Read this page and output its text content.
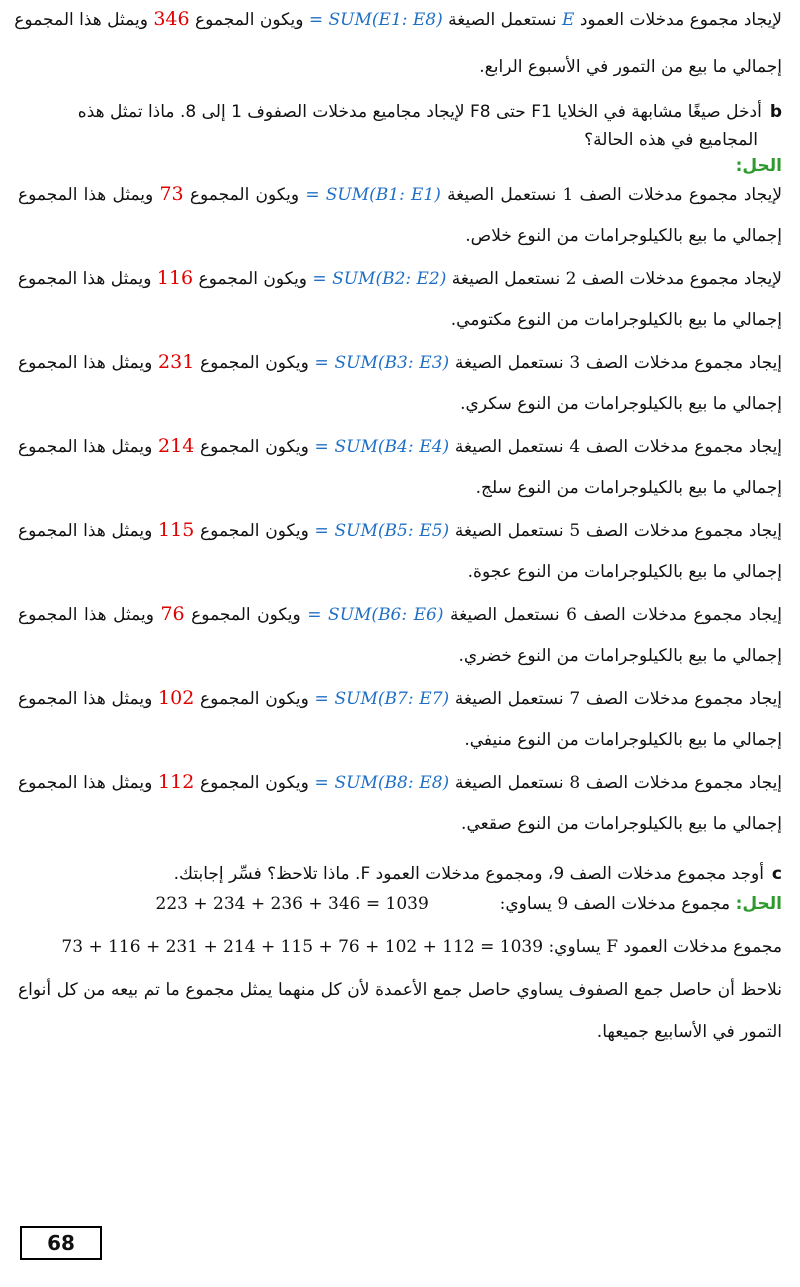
لإيجاد مجموع مدخلات العمود E نستعمل الصيغة = SUM(E1: E8) ويكون المجموع 346 ويمثل هذا المجموع
إجمالي ما بيع من التمور في الأسبوع الرابع.
bأدخل صيغًا مشابهة في الخلايا F1 حتى F8 لإيجاد مجاميع مدخلات الصفوف 1 إلى 8. ماذا تمثل هذه
المجاميع في هذه الحالة؟
الحل:
لإيجاد مجموع مدخلات الصف 1 نستعمل الصيغة = SUM(B1: E1) ويكون المجموع 73 ويمثل هذا المجموع
إجمالي ما بيع بالكيلوجرامات من النوع خلاص.
لإيجاد مجموع مدخلات الصف 2 نستعمل الصيغة = SUM(B2: E2) ويكون المجموع 116 ويمثل هذا المجموع
إجمالي ما بيع بالكيلوجرامات من النوع مكتومي.
إيجاد مجموع مدخلات الصف 3 نستعمل الصيغة = SUM(B3: E3) ويكون المجموع 231 ويمثل هذا المجموع
إجمالي ما بيع بالكيلوجرامات من النوع سكري.
إيجاد مجموع مدخلات الصف 4 نستعمل الصيغة = SUM(B4: E4) ويكون المجموع 214 ويمثل هذا المجموع
إجمالي ما بيع بالكيلوجرامات من النوع سلج.
إيجاد مجموع مدخلات الصف 5 نستعمل الصيغة = SUM(B5: E5) ويكون المجموع 115 ويمثل هذا المجموع
إجمالي ما بيع بالكيلوجرامات من النوع عجوة.
إيجاد مجموع مدخلات الصف 6 نستعمل الصيغة = SUM(B6: E6) ويكون المجموع 76 ويمثل هذا المجموع
إجمالي ما بيع بالكيلوجرامات من النوع خضري.
إيجاد مجموع مدخلات الصف 7 نستعمل الصيغة = SUM(B7: E7) ويكون المجموع 102 ويمثل هذا المجموع
إجمالي ما بيع بالكيلوجرامات من النوع منيفي.
إيجاد مجموع مدخلات الصف 8 نستعمل الصيغة = SUM(B8: E8) ويكون المجموع 112 ويمثل هذا المجموع
إجمالي ما بيع بالكيلوجرامات من النوع صقعي.
cأوجد مجموع مدخلات الصف 9، ومجموع مدخلات العمود F. ماذا تلاحظ؟ فسِّر إجابتك.
الحل: مجموع مدخلات الصف 9 يساوي:  223 + 234 + 236 + 346 = 1039
مجموع مدخلات العمود F يساوي: 73 + 116 + 231 + 214 + 115 + 76 + 102 + 112 = 1039
نلاحظ أن حاصل جمع الصفوف يساوي حاصل جمع الأعمدة لأن كل منهما يمثل مجموع ما تم بيعه من كل أنواع
التمور في الأسابيع جميعها.
68
